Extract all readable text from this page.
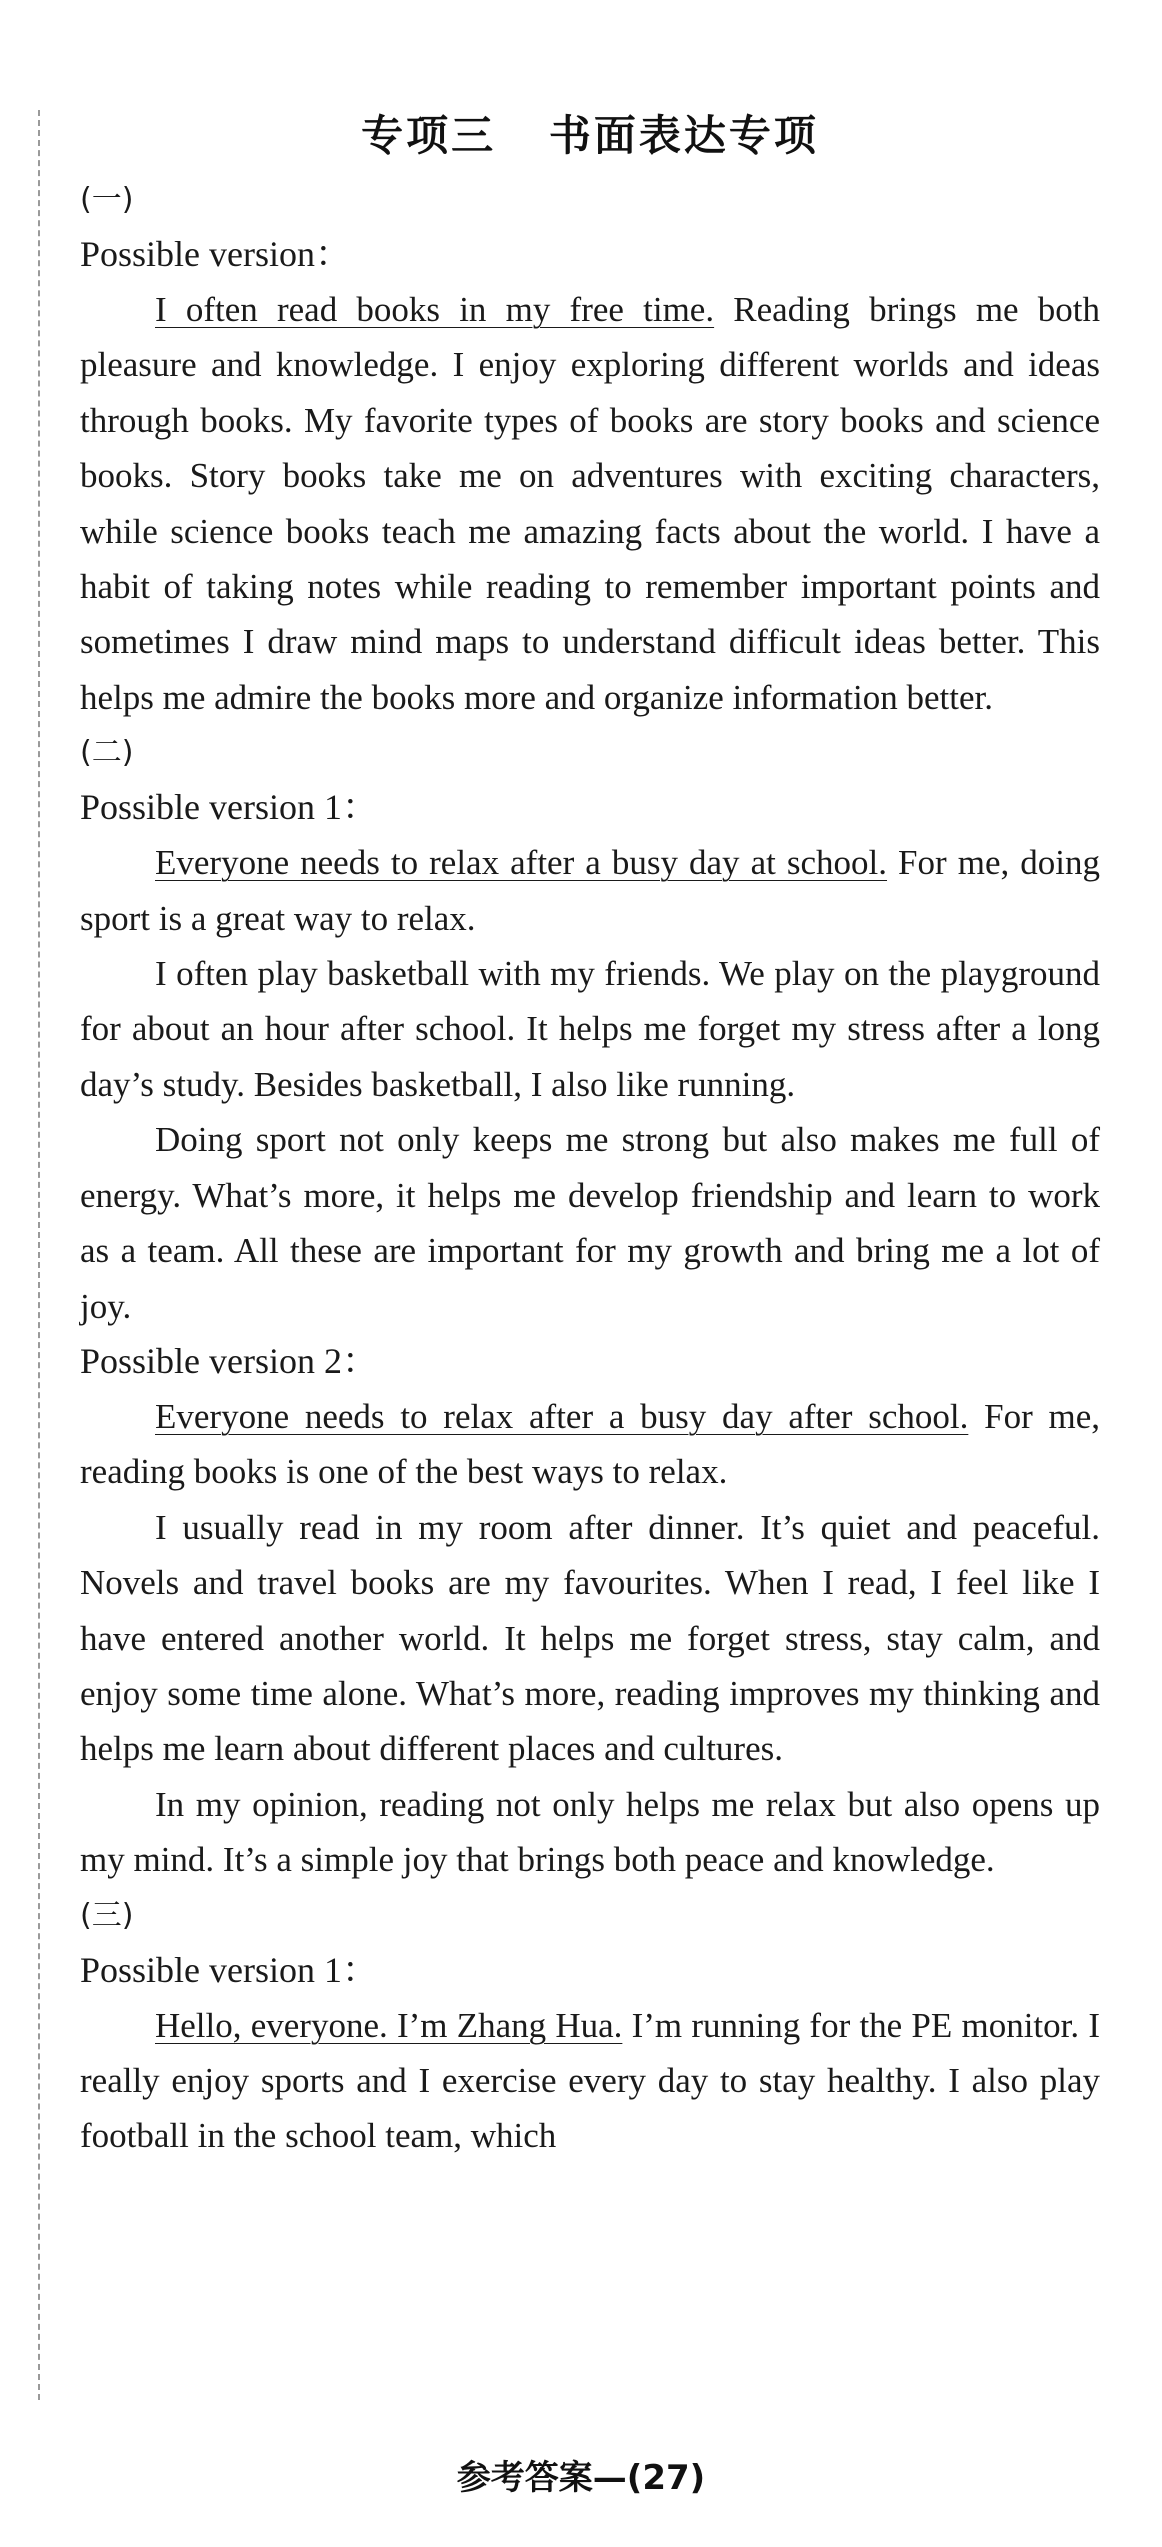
专项三   书面表达专项
(一)
Possible version：

I often read books in my free time. Reading brings me both pleasure and knowledge. I enjoy exploring different worlds and ideas through books. My favorite types of books are story books and science books. Story books take me on adventures with exciting characters, while science books teach me amazing facts about the world. I have a habit of taking notes while reading to remember important points and sometimes I draw mind maps to understand difficult ideas better. This helps me admire the books more and organize information better.

(二)
Possible version 1：

Everyone needs to relax after a busy day at school. For me, doing sport is a great way to relax.

I often play basketball with my friends. We play on the playground for about an hour after school. It helps me forget my stress after a long day’s study. Besides basketball, I also like running.

Doing sport not only keeps me strong but also makes me full of energy. What’s more, it helps me develop friendship and learn to work as a team. All these are important for my growth and bring me a lot of joy.

Possible version 2：

Everyone needs to relax after a busy day after school. For me, reading books is one of the best ways to relax.

I usually read in my room after dinner. It’s quiet and peaceful. Novels and travel books are my favourites. When I read, I feel like I have entered another world. It helps me forget stress, stay calm, and enjoy some time alone. What’s more, reading improves my thinking and helps me learn about different places and cultures.

In my opinion, reading not only helps me relax but also opens up my mind. It’s a simple joy that brings both peace and knowledge.

(三)
Possible version 1：

Hello, everyone. I’m Zhang Hua. I’m running for the PE monitor. I really enjoy sports and I exercise every day to stay healthy. I also play football in the school team, which

参考答案—(27)
